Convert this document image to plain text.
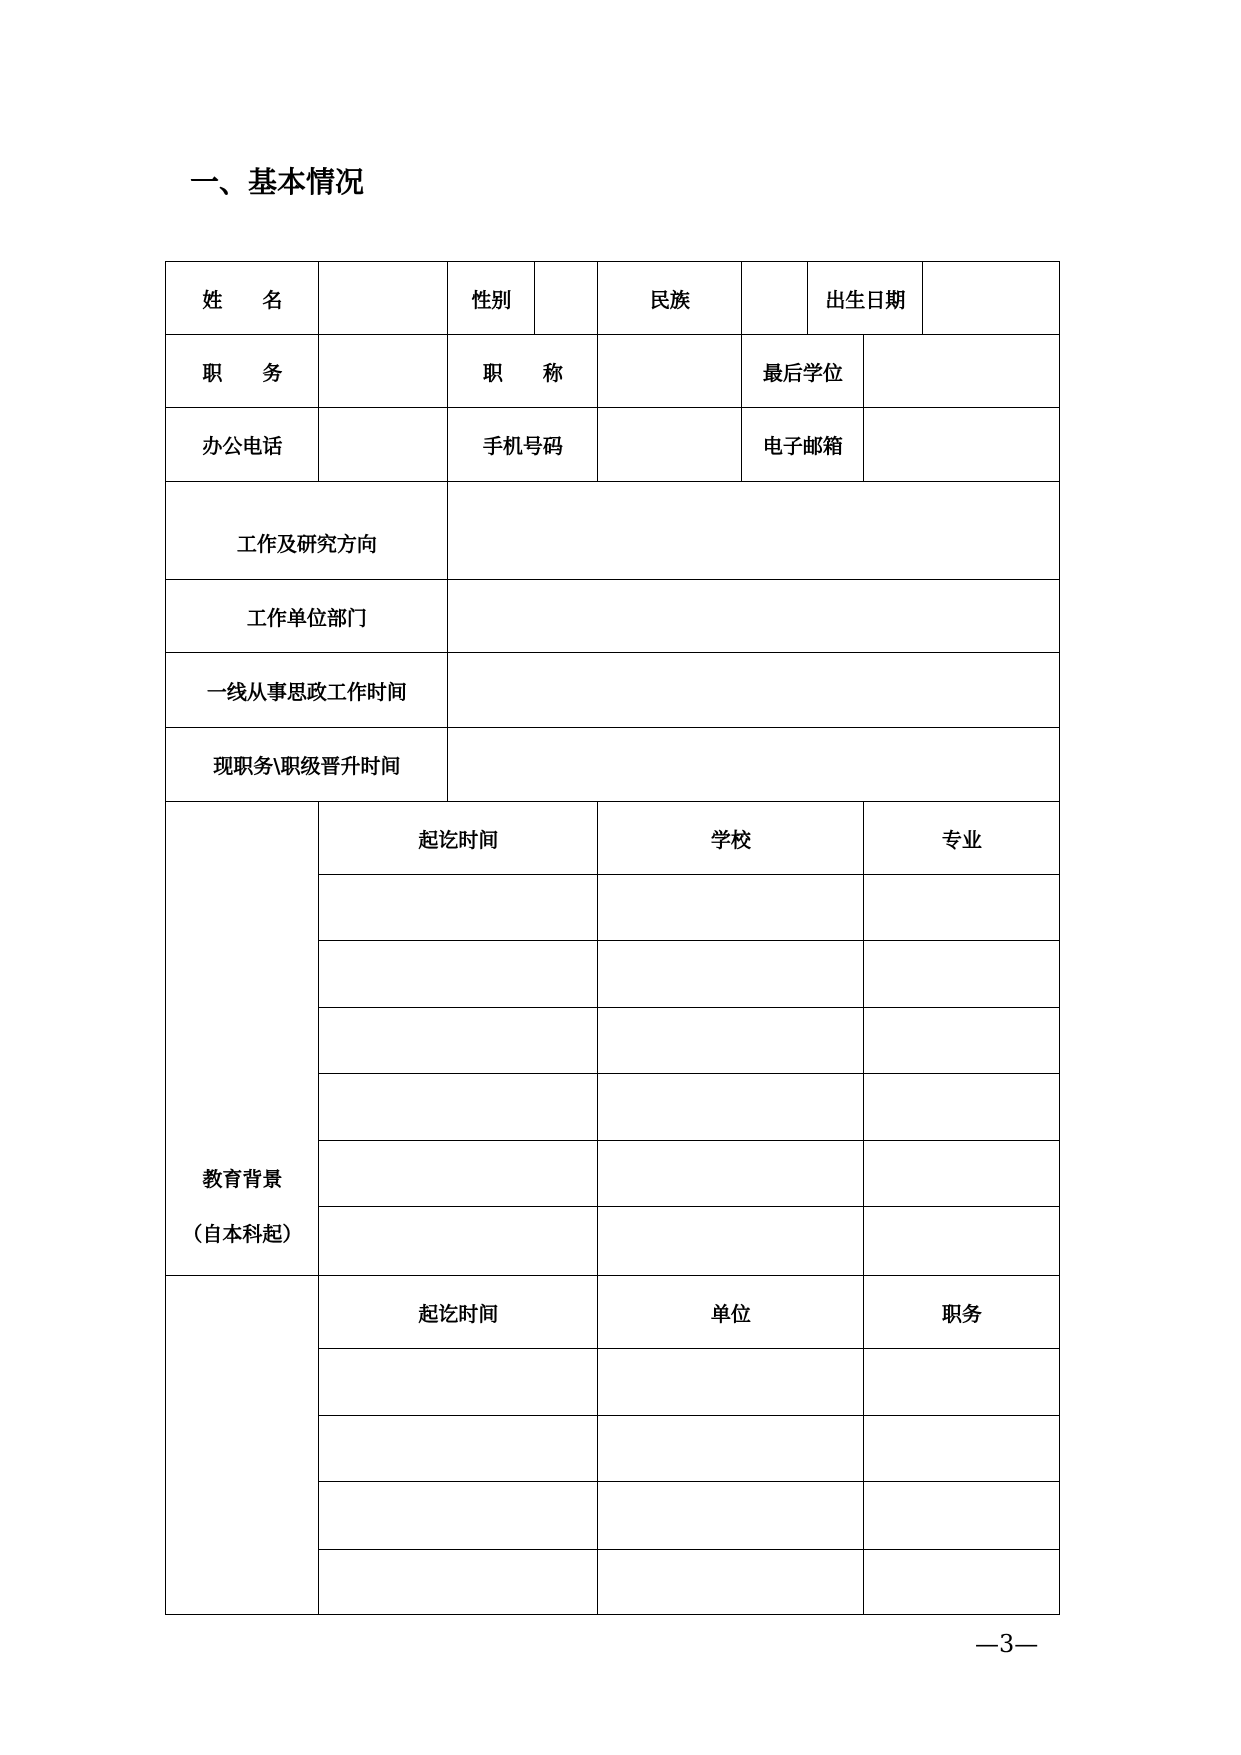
一、基本情况
姓　　名	性别	民族	出生日期
职　　务	职　　称	最后学位
办公电话	手机号码	电子邮箱
工作及研究方向
工作单位部门
一线从事思政工作时间
现职务\职级晋升时间
起讫时间	学校	专业
起讫时间	单位	职务
教育背景
（自本科起）
—3—
